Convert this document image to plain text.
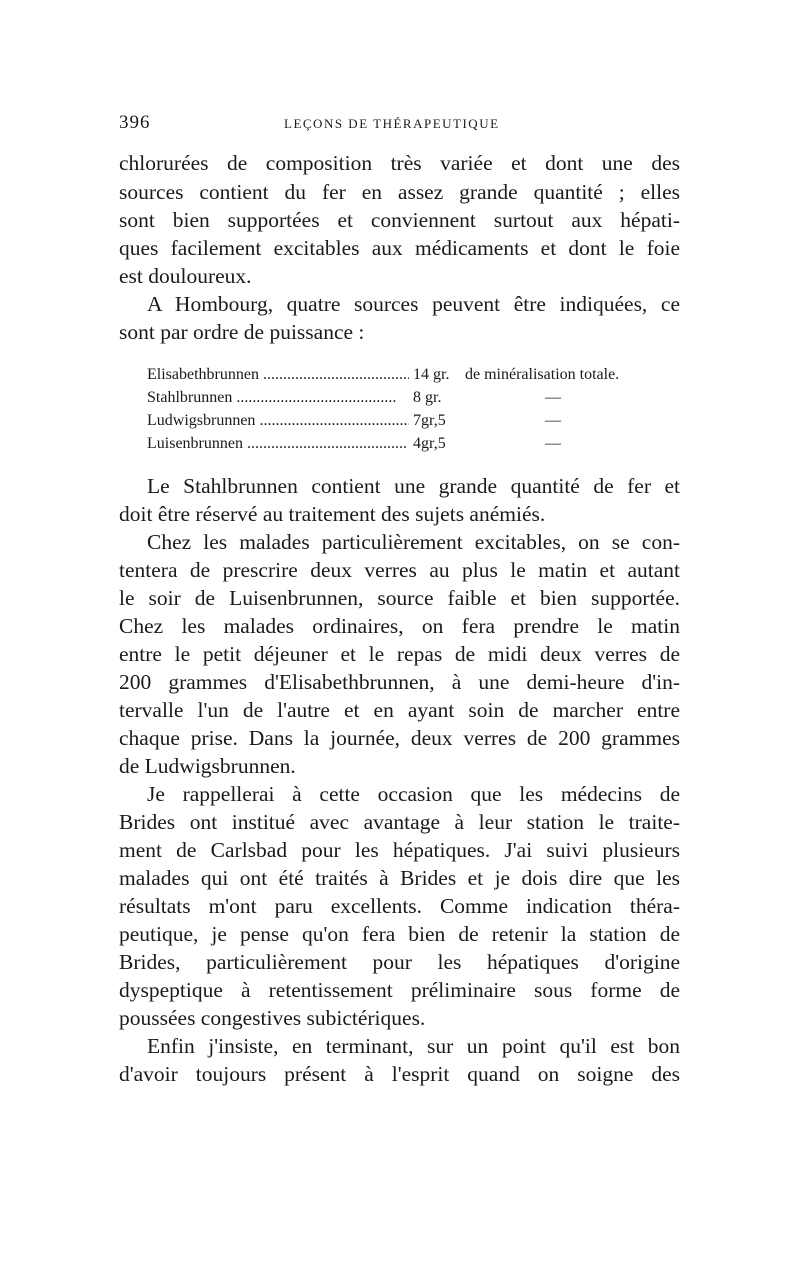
396	LEÇONS DE THÉRAPEUTIQUE
chlorurées de composition très variée et dont une des
sources contient du fer en assez grande quantité ; elles
sont bien supportées et conviennent surtout aux hépati-
ques facilement excitables aux médicaments et dont le foie
est douloureux.
A Hombourg, quatre sources peuvent être indiquées, ce
sont par ordre de puissance :
Elisabethbrunnen .....	14 gr. de minéralisation totale.
Stahlbrunnen .....	8 gr.	—
Ludwigsbrunnen .....	7gr,5	—
Luisenbrunnen .....	4gr,5	—
Le Stahlbrunnen contient une grande quantité de fer et
doit être réservé au traitement des sujets anémiés.
Chez les malades particulièrement excitables, on se con-
tentera de prescrire deux verres au plus le matin et autant
le soir de Luisenbrunnen, source faible et bien supportée.
Chez les malades ordinaires, on fera prendre le matin
entre le petit déjeuner et le repas de midi deux verres de
200 grammes d'Elisabethbrunnen, à une demi-heure d'in-
tervalle l'un de l'autre et en ayant soin de marcher entre
chaque prise. Dans la journée, deux verres de 200 grammes
de Ludwigsbrunnen.
Je rappellerai à cette occasion que les médecins de
Brides ont institué avec avantage à leur station le traite-
ment de Carlsbad pour les hépatiques. J'ai suivi plusieurs
malades qui ont été traités à Brides et je dois dire que les
résultats m'ont paru excellents. Comme indication théra-
peutique, je pense qu'on fera bien de retenir la station de
Brides, particulièrement pour les hépatiques d'origine
dyspeptique à retentissement préliminaire sous forme de
poussées congestives subictériques.
Enfin j'insiste, en terminant, sur un point qu'il est bon
d'avoir toujours présent à l'esprit quand on soigne des
